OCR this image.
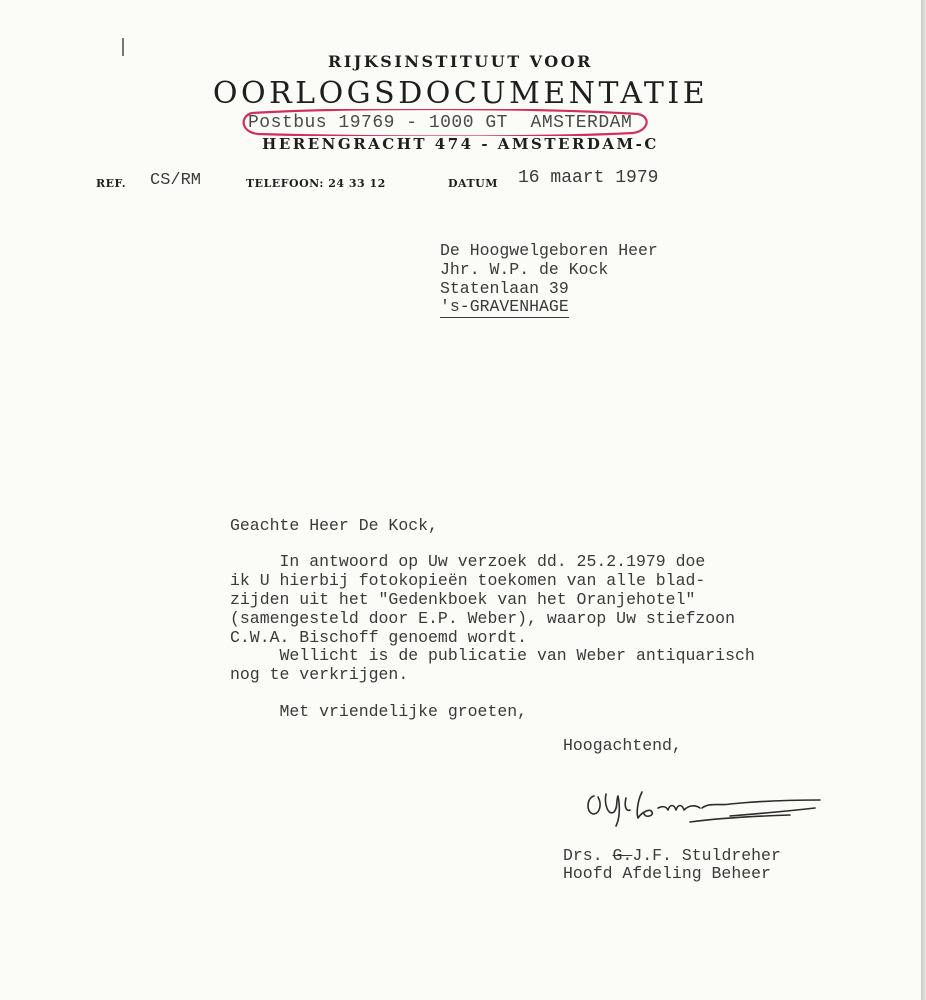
RIJKSINSTITUUT VOOR
OORLOGSDOCUMENTATIE
Postbus 19769 - 1000 GT  AMSTERDAM
HERENGRACHT 474 - AMSTERDAM-C
REF. CS/RM	TELEFOON: 24 33 12	DATUM 16 maart 1979
De Hoogwelgeboren Heer
Jhr. W.P. de Kock
Statenlaan 39
's-GRAVENHAGE
Geachte Heer De Kock,
In antwoord op Uw verzoek dd. 25.2.1979 doe
ik U hierbij fotokopieën toekomen van alle blad-
zijden uit het "Gedenkboek van het Oranjehotel"
(samengesteld door E.P. Weber), waarop Uw stiefzoon
C.W.A. Bischoff genoemd wordt.
Wellicht is de publicatie van Weber antiquarisch
nog te verkrijgen.
Met vriendelijke groeten,
Hoogachtend,
Drs. G.J.F. Stuldreher
Hoofd Afdeling Beheer
